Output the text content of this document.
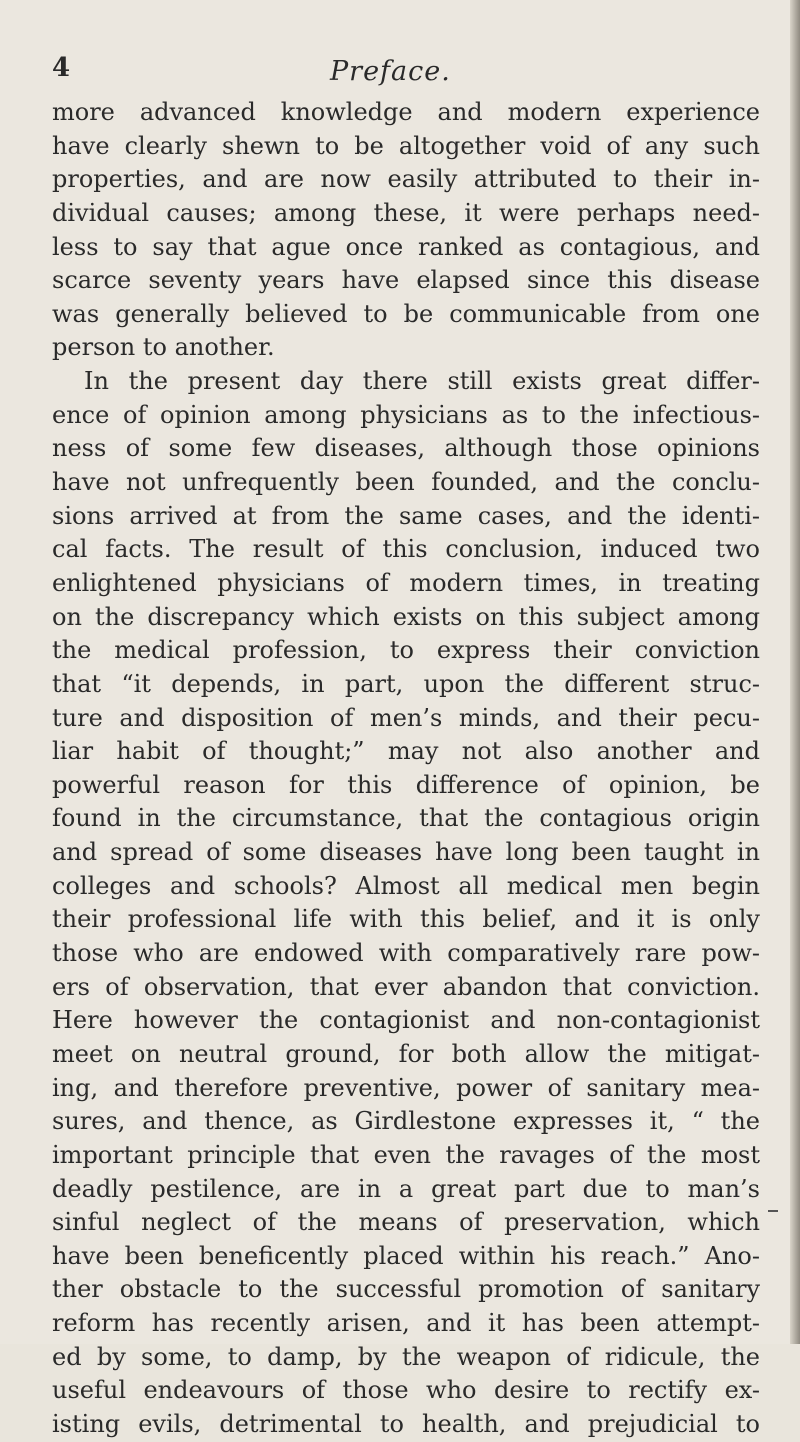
4	Preface.
more advanced knowledge and modern experience
have clearly shewn to be altogether void of any such
properties, and are now easily attributed to their in-
dividual causes; among these, it were perhaps need-
less to say that ague once ranked as contagious, and
scarce seventy years have elapsed since this disease
was generally believed to be communicable from one
person to another.
In the present day there still exists great differ-
ence of opinion among physicians as to the infectious-
ness of some few diseases, although those opinions
have not unfrequently been founded, and the conclu-
sions arrived at from the same cases, and the identi-
cal facts. The result of this conclusion, induced two
enlightened physicians of modern times, in treating
on the discrepancy which exists on this subject among
the medical profession, to express their conviction
that “it depends, in part, upon the different struc-
ture and disposition of men’s minds, and their pecu-
liar habit of thought;” may not also another and
powerful reason for this difference of opinion, be
found in the circumstance, that the contagious origin
and spread of some diseases have long been taught in
colleges and schools? Almost all medical men begin
their professional life with this belief, and it is only
those who are endowed with comparatively rare pow-
ers of observation, that ever abandon that conviction.
Here however the contagionist and non-contagionist
meet on neutral ground, for both allow the mitigat-
ing, and therefore preventive, power of sanitary mea-
sures, and thence, as Girdlestone expresses it, “ the
important principle that even the ravages of the most
deadly pestilence, are in a great part due to man’s
sinful neglect of the means of preservation, which
have been beneficently placed within his reach.” Ano-
ther obstacle to the successful promotion of sanitary
reform has recently arisen, and it has been attempt-
ed by some, to damp, by the weapon of ridicule, the
useful endeavours of those who desire to rectify ex-
isting evils, detrimental to health, and prejudicial to
